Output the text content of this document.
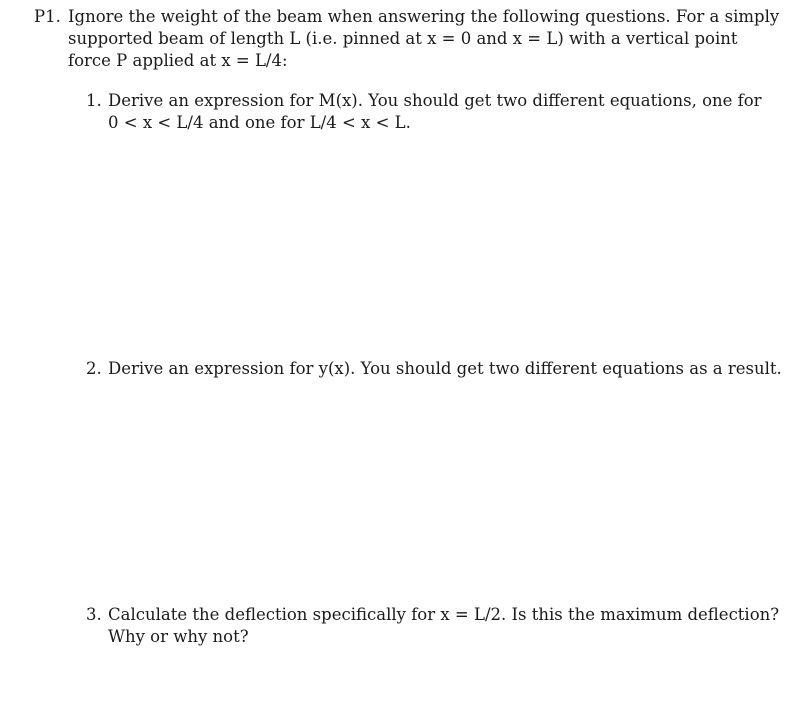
P1. Ignore the weight of the beam when answering the following questions. For a simply
supported beam of length L (i.e. pinned at x = 0 and x = L) with a vertical point
force P applied at x = L/4:
1. Derive an expression for M(x). You should get two different equations, one for
0 < x < L/4 and one for L/4 < x < L.
2. Derive an expression for y(x). You should get two different equations as a result.
3. Calculate the deflection specifically for x = L/2. Is this the maximum deflection?
Why or why not?
